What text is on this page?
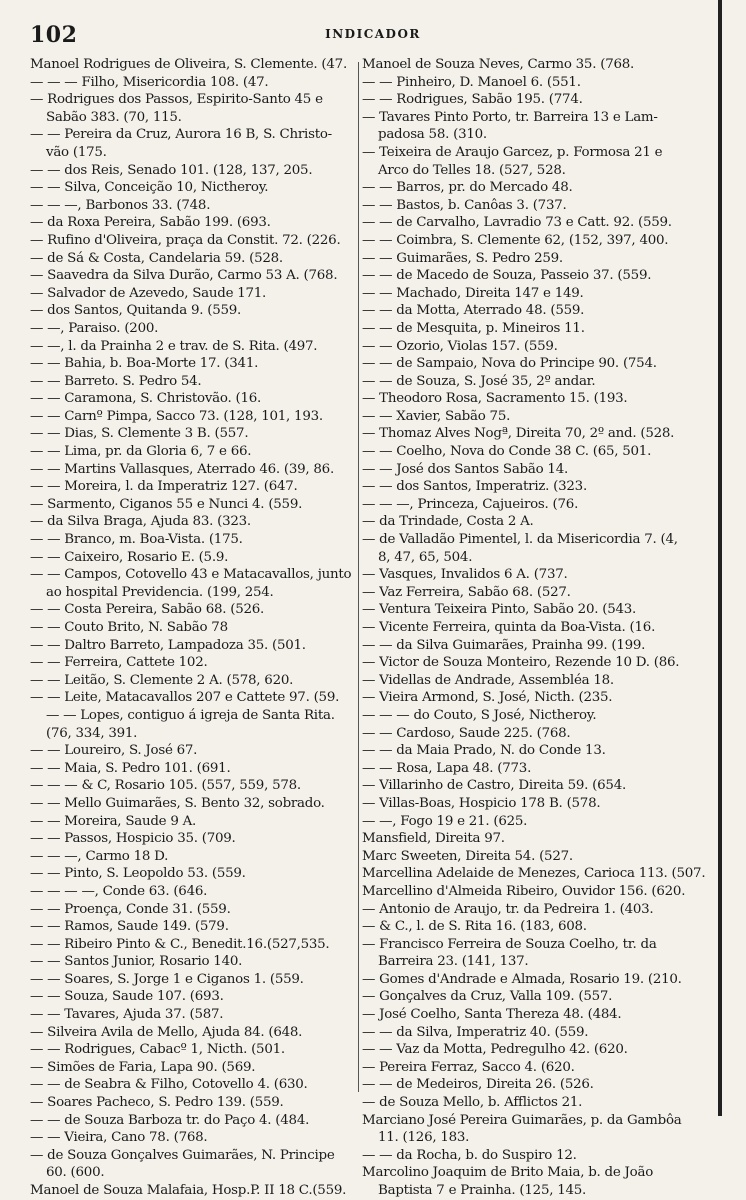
102	INDICADOR
Manoel Rodrigues de Oliveira, S. Clemente. (47.
— — — Filho, Misericordia 108. (47.
— Rodrigues dos Passos, Espirito-Santo 45 e
Sabão 383. (70, 115.
— — Pereira da Cruz, Aurora 16 B, S. Christo-
vão (175.
— — dos Reis, Senado 101. (128, 137, 205.
— — Silva, Conceição 10, Nictheroy.
— — —, Barbonos 33. (748.
— da Roxa Pereira, Sabão 199. (693.
— Rufino d'Oliveira, praça da Constit. 72. (226.
— de Sá & Costa, Candelaria 59. (528.
— Saavedra da Silva Durão, Carmo 53 A. (768.
— Salvador de Azevedo, Saude 171.
— dos Santos, Quitanda 9. (559.
— —, Paraiso. (200.
— —, l. da Prainha 2 e trav. de S. Rita. (497.
— — Bahia, b. Boa-Morte 17. (341.
— — Barreto. S. Pedro 54.
— — Caramona, S. Christovão. (16.
— — Carnº Pimpa, Sacco 73. (128, 101, 193.
— — Dias, S. Clemente 3 B. (557.
— — Lima, pr. da Gloria 6, 7 e 66.
— — Martins Vallasques, Aterrado 46. (39, 86.
— — Moreira, l. da Imperatriz 127. (647.
— Sarmento, Ciganos 55 e Nunci 4. (559.
— da Silva Braga, Ajuda 83. (323.
— — Branco, m. Boa-Vista. (175.
— — Caixeiro, Rosario E. (5.9.
— — Campos, Cotovello 43 e Matacavallos, junto
ao hospital Previdencia. (199, 254.
— — Costa Pereira, Sabão 68. (526.
— — Couto Brito, N. Sabão 78
— — Daltro Barreto, Lampadoza 35. (501.
— — Ferreira, Cattete 102.
— — Leitão, S. Clemente 2 A. (578, 620.
— — Leite, Matacavallos 207 e Cattete 97. (59.
— — Lopes, contiguo á igreja de Santa Rita.
(76, 334, 391.
— — Loureiro, S. José 67.
— — Maia, S. Pedro 101. (691.
— — — & C, Rosario 105. (557, 559, 578.
— — Mello Guimarães, S. Bento 32, sobrado.
— — Moreira, Saude 9 A.
— — Passos, Hospicio 35. (709.
— — —, Carmo 18 D.
— — Pinto, S. Leopoldo 53. (559.
— — — —, Conde 63. (646.
— — Proença, Conde 31. (559.
— — Ramos, Saude 149. (579.
— — Ribeiro Pinto & C., Benedit.16.(527,535.
— — Santos Junior, Rosario 140.
— — Soares, S. Jorge 1 e Ciganos 1. (559.
— — Souza, Saude 107. (693.
— — Tavares, Ajuda 37. (587.
— Silveira Avila de Mello, Ajuda 84. (648.
— — Rodrigues, Cabacº 1, Nicth. (501.
— Simões de Faria, Lapa 90. (569.
— — de Seabra & Filho, Cotovello 4. (630.
— Soares Pacheco, S. Pedro 139. (559.
— — de Souza Barboza tr. do Paço 4. (484.
— — Vieira, Cano 78. (768.
— de Souza Gonçalves Guimarães, N. Principe
60. (600.
Manoel de Souza Malafaia, Hosp.P. II 18 C.(559.
Manoel de Souza Neves, Carmo 35. (768.
— — Pinheiro, D. Manoel 6. (551.
— — Rodrigues, Sabão 195. (774.
— Tavares Pinto Porto, tr. Barreira 13 e Lam-
padosa 58. (310.
— Teixeira de Araujo Garcez, p. Formosa 21 e
Arco do Telles 18. (527, 528.
— — Barros, pr. do Mercado 48.
— — Bastos, b. Canôas 3. (737.
— — de Carvalho, Lavradio 73 e Catt. 92. (559.
— — Coimbra, S. Clemente 62, (152, 397, 400.
— — Guimarães, S. Pedro 259.
— — de Macedo de Souza, Passeio 37. (559.
— — Machado, Direita 147 e 149.
— — da Motta, Aterrado 48. (559.
— — de Mesquita, p. Mineiros 11.
— — Ozorio, Violas 157. (559.
— — de Sampaio, Nova do Principe 90. (754.
— — de Souza, S. José 35, 2º andar.
— Theodoro Rosa, Sacramento 15. (193.
— — Xavier, Sabão 75.
— Thomaz Alves Nogª, Direita 70, 2º and. (528.
— — Coelho, Nova do Conde 38 C. (65, 501.
— — José dos Santos Sabão 14.
— — dos Santos, Imperatriz. (323.
— — —, Princeza, Cajueiros. (76.
— da Trindade, Costa 2 A.
— de Valladão Pimentel, l. da Misericordia 7. (4,
8, 47, 65, 504.
— Vasques, Invalidos 6 A. (737.
— Vaz Ferreira, Sabão 68. (527.
— Ventura Teixeira Pinto, Sabão 20. (543.
— Vicente Ferreira, quinta da Boa-Vista. (16.
— — da Silva Guimarães, Prainha 99. (199.
— Victor de Souza Monteiro, Rezende 10 D. (86.
— Videllas de Andrade, Assembléa 18.
— Vieira Armond, S. José, Nicth. (235.
— — — do Couto, S José, Nictheroy.
— — Cardoso, Saude 225. (768.
— — da Maia Prado, N. do Conde 13.
— — Rosa, Lapa 48. (773.
— Villarinho de Castro, Direita 59. (654.
— Villas-Boas, Hospicio 178 B. (578.
— —, Fogo 19 e 21. (625.
Mansfield, Direita 97.
Marc Sweeten, Direita 54. (527.
Marcellina Adelaide de Menezes, Carioca 113. (507.
Marcellino d'Almeida Ribeiro, Ouvidor 156. (620.
— Antonio de Araujo, tr. da Pedreira 1. (403.
— & C., l. de S. Rita 16. (183, 608.
— Francisco Ferreira de Souza Coelho, tr. da
Barreira 23. (141, 137.
— Gomes d'Andrade e Almada, Rosario 19. (210.
— Gonçalves da Cruz, Valla 109. (557.
— José Coelho, Santa Thereza 48. (484.
— — da Silva, Imperatriz 40. (559.
— — Vaz da Motta, Pedregulho 42. (620.
— Pereira Ferraz, Sacco 4. (620.
— — de Medeiros, Direita 26. (526.
— de Souza Mello, b. Afflictos 21.
Marciano José Pereira Guimarães, p. da Gambôa
11. (126, 183.
— — da Rocha, b. do Suspiro 12.
Marcolino Joaquim de Brito Maia, b. de João
Baptista 7 e Prainha. (125, 145.
